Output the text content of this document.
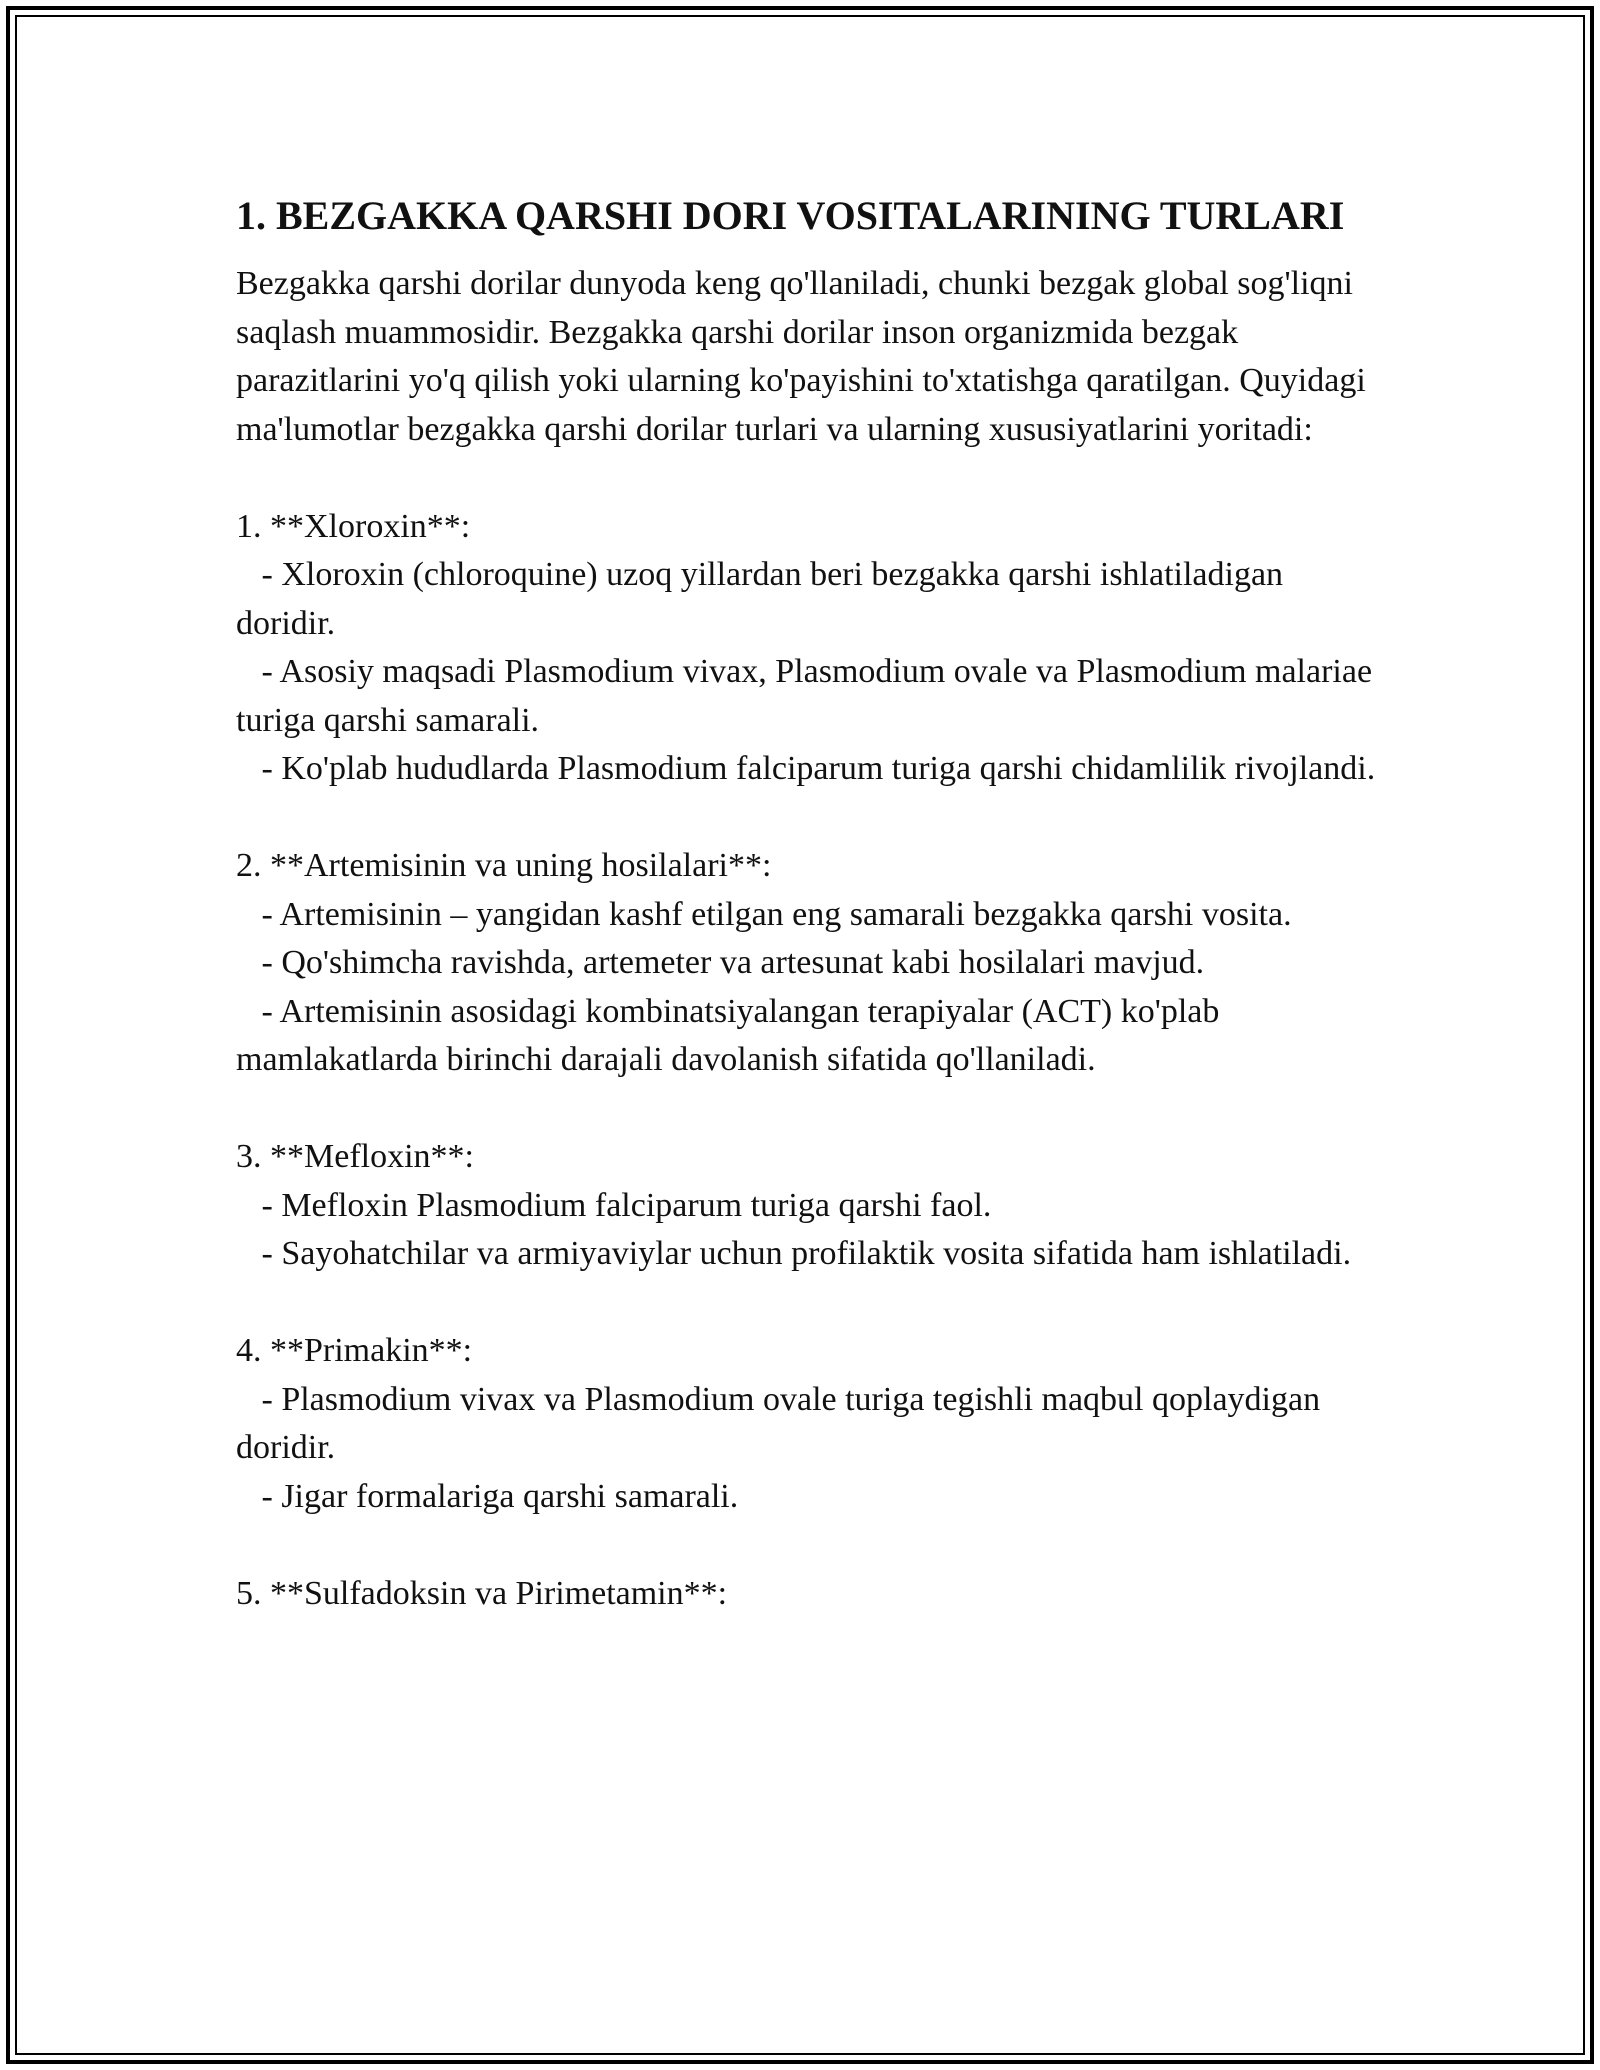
1. BEZGAKKA QARSHI DORI VOSITALARINING TURLARI

Bezgakka qarshi dorilar dunyoda keng qo'llaniladi, chunki bezgak global sog'liqni saqlash muammosidir. Bezgakka qarshi dorilar inson organizmida bezgak parazitlarini yo'q qilish yoki ularning ko'payishini to'xtatishga qaratilgan. Quyidagi ma'lumotlar bezgakka qarshi dorilar turlari va ularning xususiyatlarini yoritadi:

1. **Xloroxin**:

- Xloroxin (chloroquine) uzoq yillardan beri bezgakka qarshi ishlatiladigan doridir.

- Asosiy maqsadi Plasmodium vivax, Plasmodium ovale va Plasmodium malariae turiga qarshi samarali.

- Ko'plab hududlarda Plasmodium falciparum turiga qarshi chidamlilik rivojlandi.

2. **Artemisinin va uning hosilalari**:

- Artemisinin – yangidan kashf etilgan eng samarali bezgakka qarshi vosita.

- Qo'shimcha ravishda, artemeter va artesunat kabi hosilalari mavjud.

- Artemisinin asosidagi kombinatsiyalangan terapiyalar (ACT) ko'plab mamlakatlarda birinchi darajali davolanish sifatida qo'llaniladi.

3. **Mefloxin**:

- Mefloxin Plasmodium falciparum turiga qarshi faol.

- Sayohatchilar va armiyaviylar uchun profilaktik vosita sifatida ham ishlatiladi.

4. **Primakin**:

- Plasmodium vivax va Plasmodium ovale turiga tegishli maqbul qoplaydigan doridir.

- Jigar formalariga qarshi samarali.

5. **Sulfadoksin va Pirimetamin**:
